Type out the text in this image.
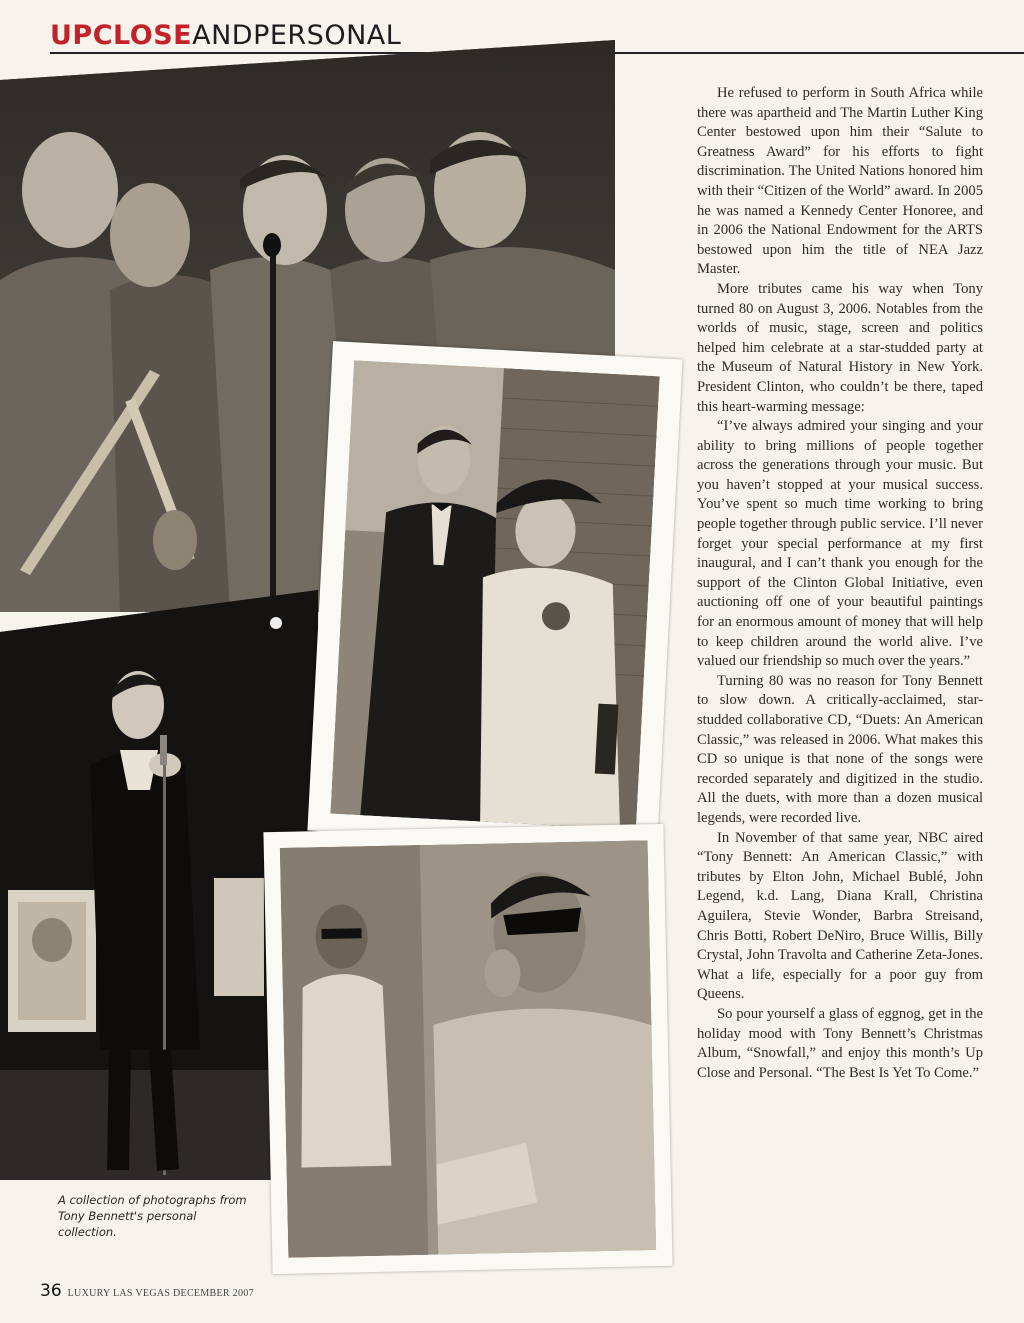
UPCLOSEANDPERSONAL
A collection of photographs from
Tony Bennett's personal collection.

He refused to perform in South Africa while there was apartheid and The Martin Luther King Center bestowed upon him their “Salute to Greatness Award” for his efforts to fight discrimination. The United Nations honored him with their “Citizen of the World” award. In 2005 he was named a Kennedy Center Honoree, and in 2006 the National Endowment for the ARTS bestowed upon him the title of NEA Jazz Master.

More tributes came his way when Tony turned 80 on August 3, 2006. Notables from the worlds of music, stage, screen and politics helped him celebrate at a star-studded party at the Museum of Natural History in New York. President Clinton, who couldn’t be there, taped this heart-warming message:

“I’ve always admired your singing and your ability to bring millions of people together across the generations through your music. But you haven’t stopped at your musical success. You’ve spent so much time working to bring people together through public service. I’ll never forget your special performance at my first inaugural, and I can’t thank you enough for the support of the Clinton Global Initiative, even auctioning off one of your beautiful paintings for an enormous amount of money that will help to keep children around the world alive. I’ve valued our friendship so much over the years.”

Turning 80 was no reason for Tony Bennett to slow down. A critically-acclaimed, star-studded collaborative CD, “Duets: An American Classic,” was released in 2006. What makes this CD so unique is that none of the songs were recorded separately and digitized in the studio. All the duets, with more than a dozen musical legends, were recorded live.

In November of that same year, NBC aired “Tony Bennett: An American Classic,” with tributes by Elton John, Michael Bublé, John Legend, k.d. Lang, Diana Krall, Christina Aguilera, Stevie Wonder, Barbra Streisand, Chris Botti, Robert DeNiro, Bruce Willis, Billy Crystal, John Travolta and Catherine Zeta-Jones. What a life, especially for a poor guy from Queens.

So pour yourself a glass of eggnog, get in the holiday mood with Tony Bennett’s Christmas Album, “Snowfall,” and enjoy this month’s Up Close and Personal. “The Best Is Yet To Come.”

36 LUXURY LAS VEGAS DECEMBER 2007
